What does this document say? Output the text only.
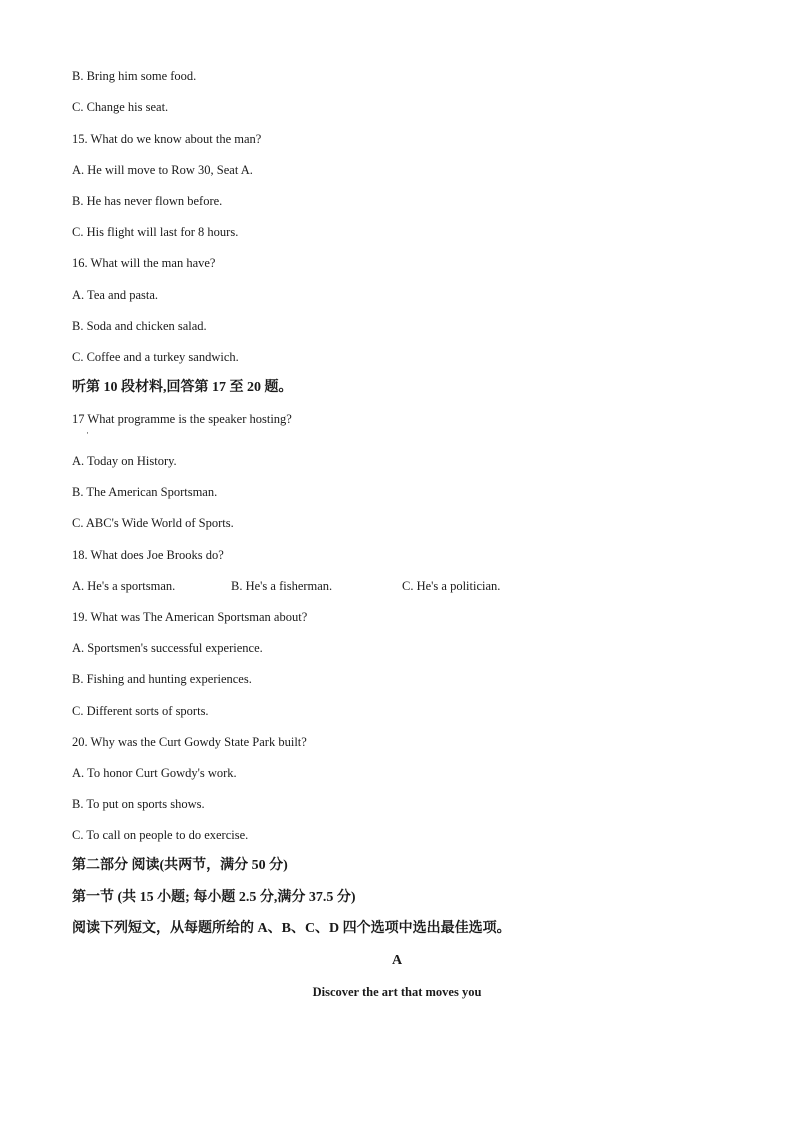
B. Bring him some food.
C. Change his seat.
15. What do we know about the man?
A. He will move to Row 30, Seat A.
B. He has never flown before.
C. His flight will last for 8 hours.
16. What will the man have?
A. Tea and pasta.
B. Soda and chicken salad.
C. Coffee and a turkey sandwich.
听第 10 段材料,回答第 17 至 20 题。
17 What programme is the speaker hosting?
·
A. Today on History.
B. The American Sportsman.
C. ABC's Wide World of Sports.
18. What does Joe Brooks do?
A. He's a sportsman.	B. He's a fisherman.	C. He's a politician.
19. What was The American Sportsman about?
A. Sportsmen's successful experience.
B. Fishing and hunting experiences.
C. Different sorts of sports.
20. Why was the Curt Gowdy State Park built?
A. To honor Curt Gowdy's work.
B. To put on sports shows.
C. To call on people to do exercise.
第二部分 阅读(共两节，满分 50 分)
第一节 (共 15 小题; 每小题 2.5 分,满分 37.5 分)
阅读下列短文，从每题所给的 A、B、C、D 四个选项中选出最佳选项。
A
Discover the art that moves you
